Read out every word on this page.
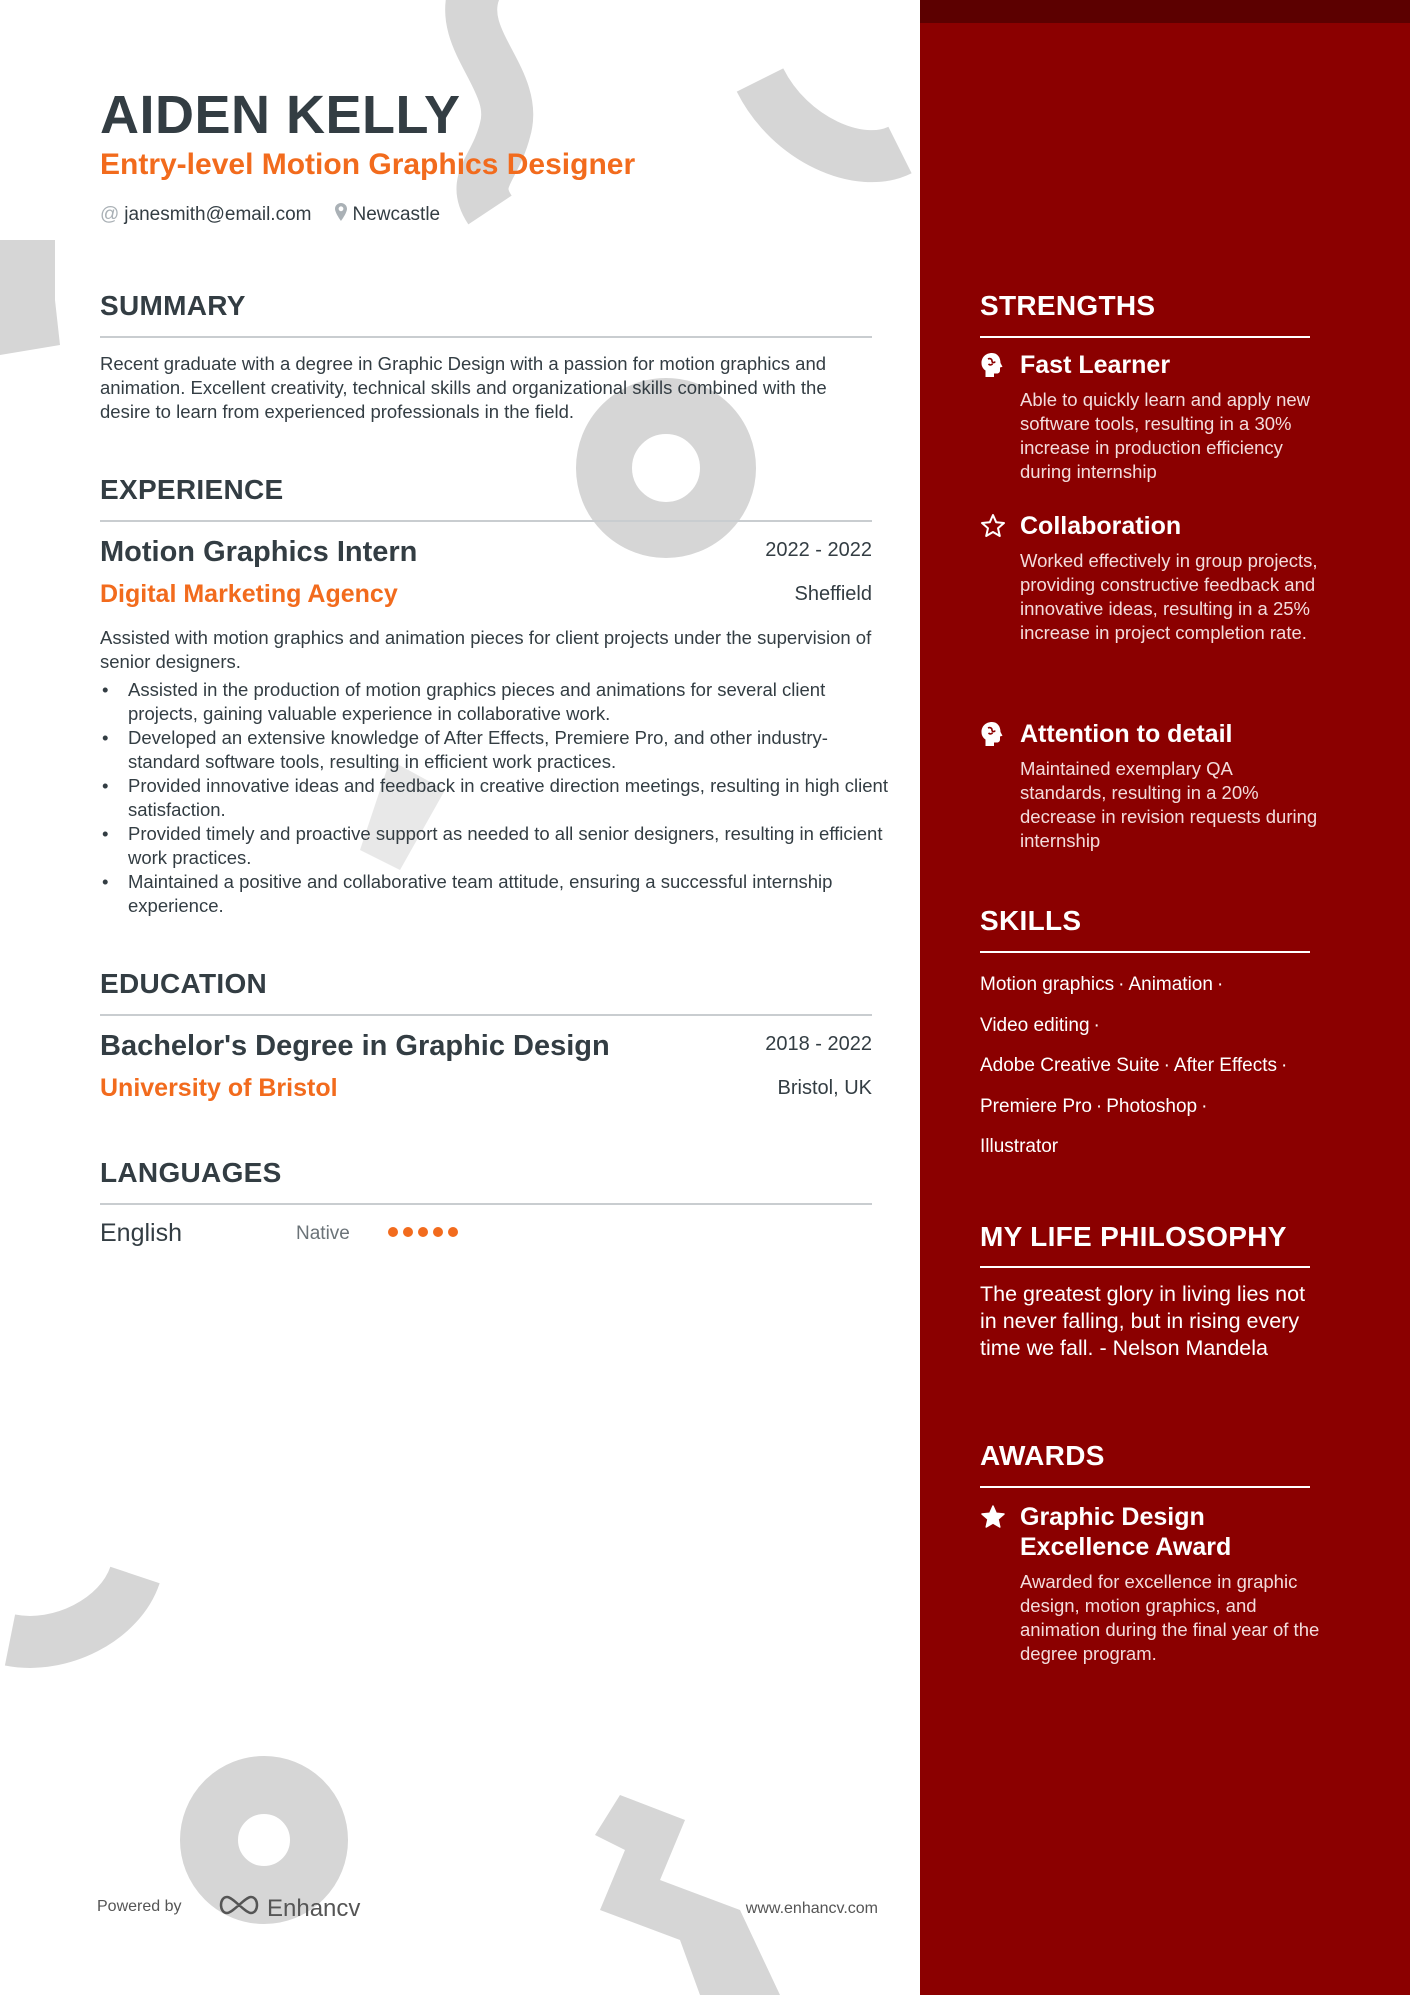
AIDEN KELLY
Entry-level Motion Graphics Designer
@ janesmith@email.com Newcastle
SUMMARY

Recent graduate with a degree in Graphic Design with a passion for motion graphics and animation. Excellent creativity, technical skills and organizational skills combined with the desire to learn from experienced professionals in the field.

EXPERIENCE
Motion Graphics Intern	2022 - 2022
Digital Marketing Agency	Sheffield

Assisted with motion graphics and animation pieces for client projects under the supervision of senior designers.

• Assisted in the production of motion graphics pieces and animations for several client projects, gaining valuable experience in collaborative work.
• Developed an extensive knowledge of After Effects, Premiere Pro, and other industry-standard software tools, resulting in efficient work practices.
• Provided innovative ideas and feedback in creative direction meetings, resulting in high client satisfaction.
• Provided timely and proactive support as needed to all senior designers, resulting in efficient work practices.
• Maintained a positive and collaborative team attitude, ensuring a successful internship experience.
EDUCATION
Bachelor's Degree in Graphic Design	2018 - 2022
University of Bristol	Bristol, UK
LANGUAGES
English	Native
Powered by	Enhancv	www.enhancv.com
STRENGTHS
Fast Learner

Able to quickly learn and apply new software tools, resulting in a 30% increase in production efficiency during internship

Collaboration

Worked effectively in group projects, providing constructive feedback and innovative ideas, resulting in a 25% increase in project completion rate.

Attention to detail

Maintained exemplary QA standards, resulting in a 20% decrease in revision requests during internship

SKILLS
Motion graphics · Animation ·
Video editing ·
Adobe Creative Suite · After Effects ·
Premiere Pro · Photoshop ·
Illustrator
MY LIFE PHILOSOPHY

The greatest glory in living lies not in never falling, but in rising every time we fall. - Nelson Mandela

AWARDS
Graphic Design Excellence Award

Awarded for excellence in graphic design, motion graphics, and animation during the final year of the degree program.
